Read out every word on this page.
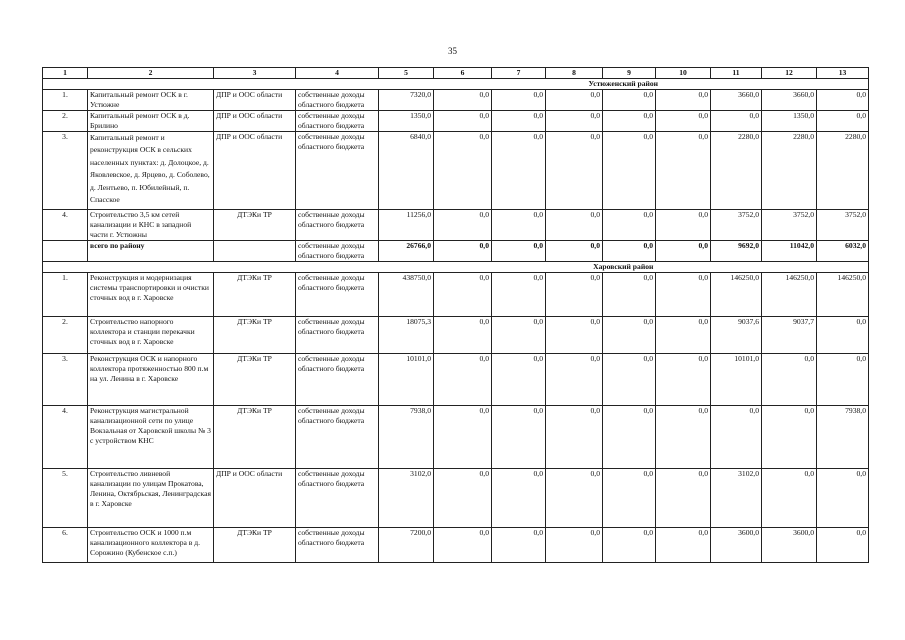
35
1	2	3	4	5	6	7	8	9	10	11	12	13
				Устюженский район								
1.	Капитальный ремонт ОСК в г. Устюжне	ДПР и ООС области	собственные доходы областного бюджета	7320,0	0,0	0,0	0,0	0,0	0,0	3660,0	3660,0	0,0
2.	Капитальный ремонт ОСК в д. Брилино	ДПР и ООС области	собственные доходы областного бюджета	1350,0	0,0	0,0	0,0	0,0	0,0	0,0	1350,0	0,0
3.	Капитальный ремонт и реконструкция ОСК в сельских населенных пунктах: д. Долоцкое, д. Яковлевское, д. Ярцево, д. Соболево, д. Лентьево, п. Юбилейный, п. Спасское	ДПР и ООС области	собственные доходы областного бюджета	6840,0	0,0	0,0	0,0	0,0	0,0	2280,0	2280,0	2280,0
4.	Строительство 3,5 км сетей канализации и КНС в западной части г. Устюжны	ДТЭКи ТР	собственные доходы областного бюджета	11256,0	0,0	0,0	0,0	0,0	0,0	3752,0	3752,0	3752,0
	всего по району		собственные доходы областного бюджета	26766,0	0,0	0,0	0,0	0,0	0,0	9692,0	11042,0	6032,0
				Харовский район								
1.	Реконструкция и модернизация системы транспортировки и очистки сточных вод в г. Харовске	ДТЭКи ТР	собственные доходы областного бюджета	438750,0	0,0	0,0	0,0	0,0	0,0	146250,0	146250,0	146250,0
2.	Строительство напорного коллектора и станции перекачки сточных вод в г. Харовске	ДТЭКи ТР	собственные доходы областного бюджета	18075,3	0,0	0,0	0,0	0,0	0,0	9037,6	9037,7	0,0
3.	Реконструкция ОСК и напорного коллектора протяженностью 800 п.м на ул. Ленина в г. Харовске	ДТЭКи ТР	собственные доходы областного бюджета	10101,0	0,0	0,0	0,0	0,0	0,0	10101,0	0,0	0,0
4.	Реконструкция магистральной канализационной сети по улице Вокзальная от Харовской школы № 3 с устройством КНС	ДТЭКи ТР	собственные доходы областного бюджета	7938,0	0,0	0,0	0,0	0,0	0,0	0,0	0,0	7938,0
5.	Строительство ливневой канализации по улицам Прокатова, Ленина, Октябрьская, Ленинградская в г. Харовске	ДПР и ООС области	собственные доходы областного бюджета	3102,0	0,0	0,0	0,0	0,0	0,0	3102,0	0,0	0,0
6.	Строительство ОСК и 1000 п.м канализационного коллектора в д. Сорожино (Кубенское с.п.)	ДТЭКи ТР	собственные доходы областного бюджета	7200,0	0,0	0,0	0,0	0,0	0,0	3600,0	3600,0	0,0
